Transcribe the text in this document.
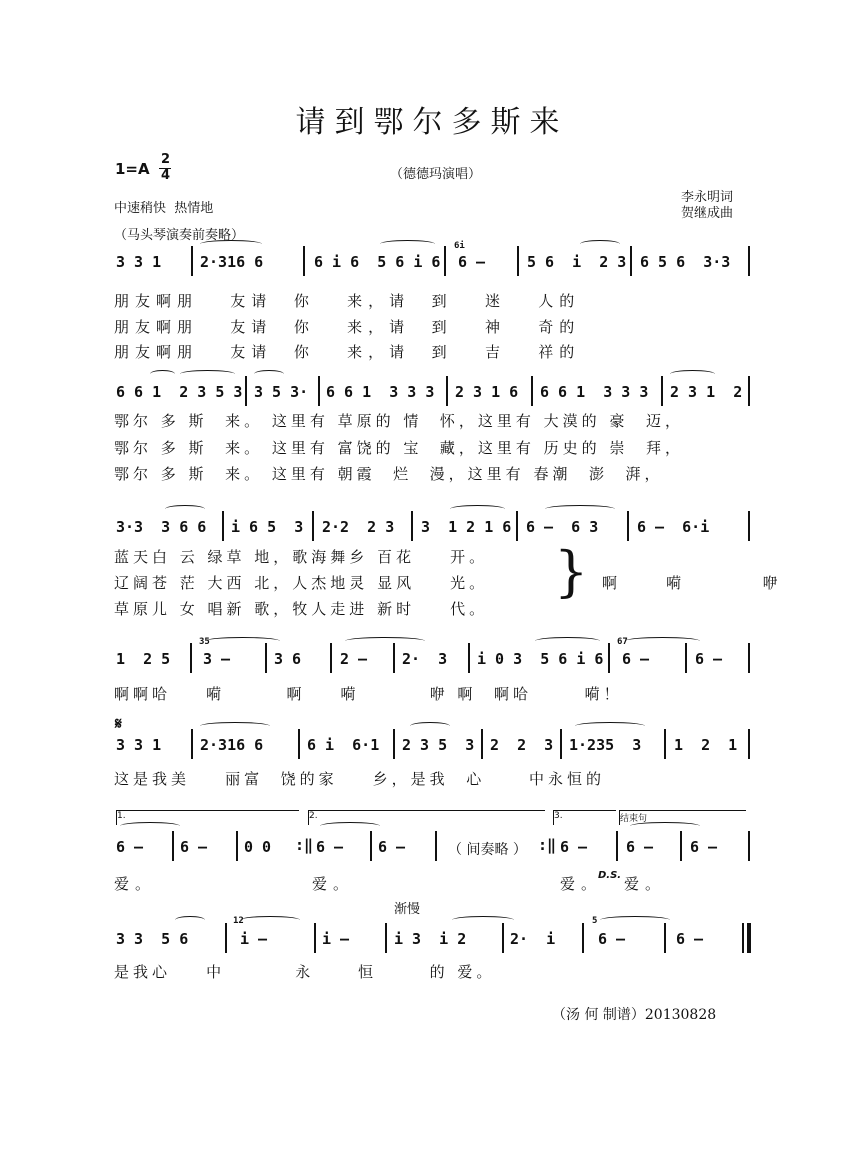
请到鄂尔多斯来
1=A
2
4	（德德玛演唱）
中速稍快  热情地
李永明词
贺继成曲
（马头琴演奏前奏略）
3 3 1	2·316 6	6 i 6  5 6 i 6
6i
6 –	5 6  i  2 3 6 5 6  3·3
朋友啊朋   友请  你   来，请  到   迷   人的
朋友啊朋   友请  你   来，请  到   神   奇的
朋友啊朋   友请  你   来，请  到   吉   祥的
6 6 1  2 3 5 3 3 5 3· 6 6 1  3 3 3 2 3 1 6 6 6 1  3 3 3 2 3 1  2
鄂尔 多 斯  来。 这里有 草原的 情  怀，这里有 大漠的 豪  迈，
鄂尔 多 斯  来。 这里有 富饶的 宝  藏，这里有 历史的 崇  拜，
鄂尔 多 斯  来。 这里有 朝霞  烂  漫，这里有 春潮  澎  湃，
3·3  3 6 6 i 6 5  3 2·2  2 3 3  1 2 1 6 6 –  6 3	6 –  6·i
蓝天白 云 绿草 地，歌海舞乡 百花    开。
辽阔苍 茫 大西 北，人杰地灵 显风    光。
草原儿 女 唱新 歌，牧人走进 新时    代。
} 啊    嗬       咿
1  2 5
35
3 –	3 6	2 – 2·  3 i 0 3  5 6 i 6
67
6 –	6 –
啊啊哈    嗬       啊    嗬        咿 啊  啊哈      嗬！
𝄋
3 3 1	2·316 6	6 i  6·1 2 3 5  3 2  2  3 1·235  3 1  2  1
这是我美    丽富  饶的家    乡，是我  心     中永恒的
1.	2.	3.	结束句
6 – 6 – 0 0 :‖ 6 – 6 –	（ 间奏略 ） :‖ 6 –	6 – 6 –
爱。	爱。	爱。
D.S. 爱。
渐慢
3 3  5 6
12
i –	i –	i 3  i 2	2·  i
5
6 –	6 –
是我心    中        永     恒      的 爱。
（汤 何 制谱）20130828
